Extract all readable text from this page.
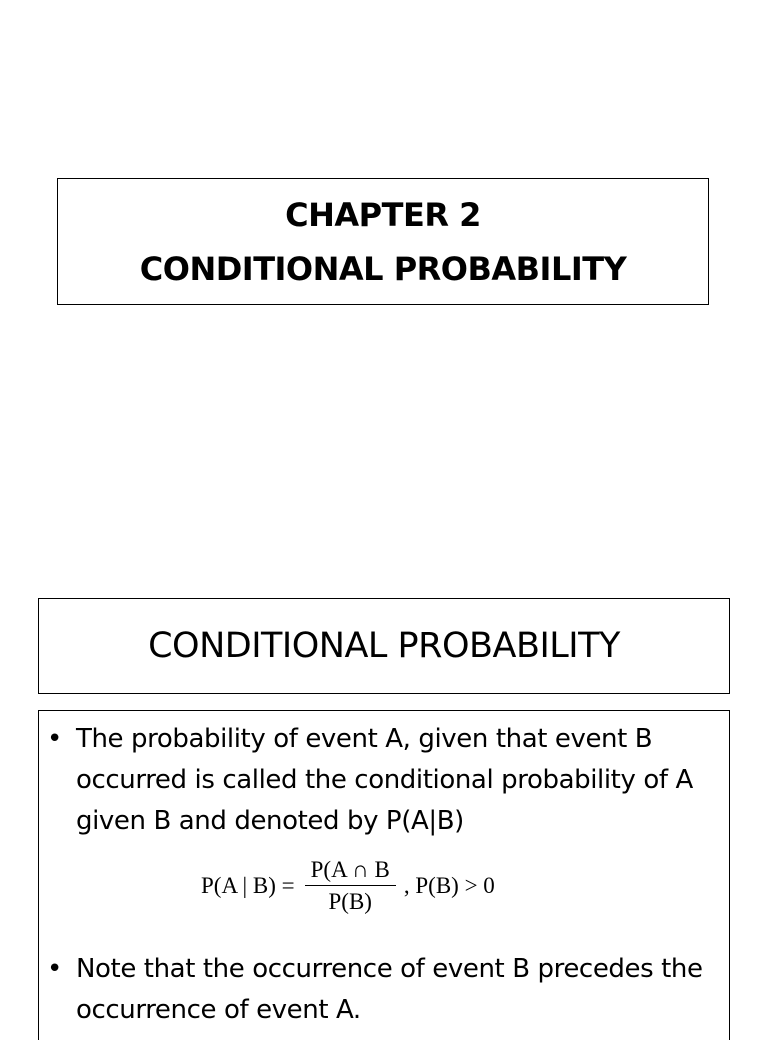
CHAPTER 2
CONDITIONAL PROBABILITY
CONDITIONAL PROBABILITY
• The probability of event A, given that event B occurred is called the conditional probability of A given B and denoted by P(A|B)
P(A | $B) = \frac{P(A \cap B}{P(B)}$ , P(B) > 0
• Note that the occurrence of event B precedes the occurrence of event A.
